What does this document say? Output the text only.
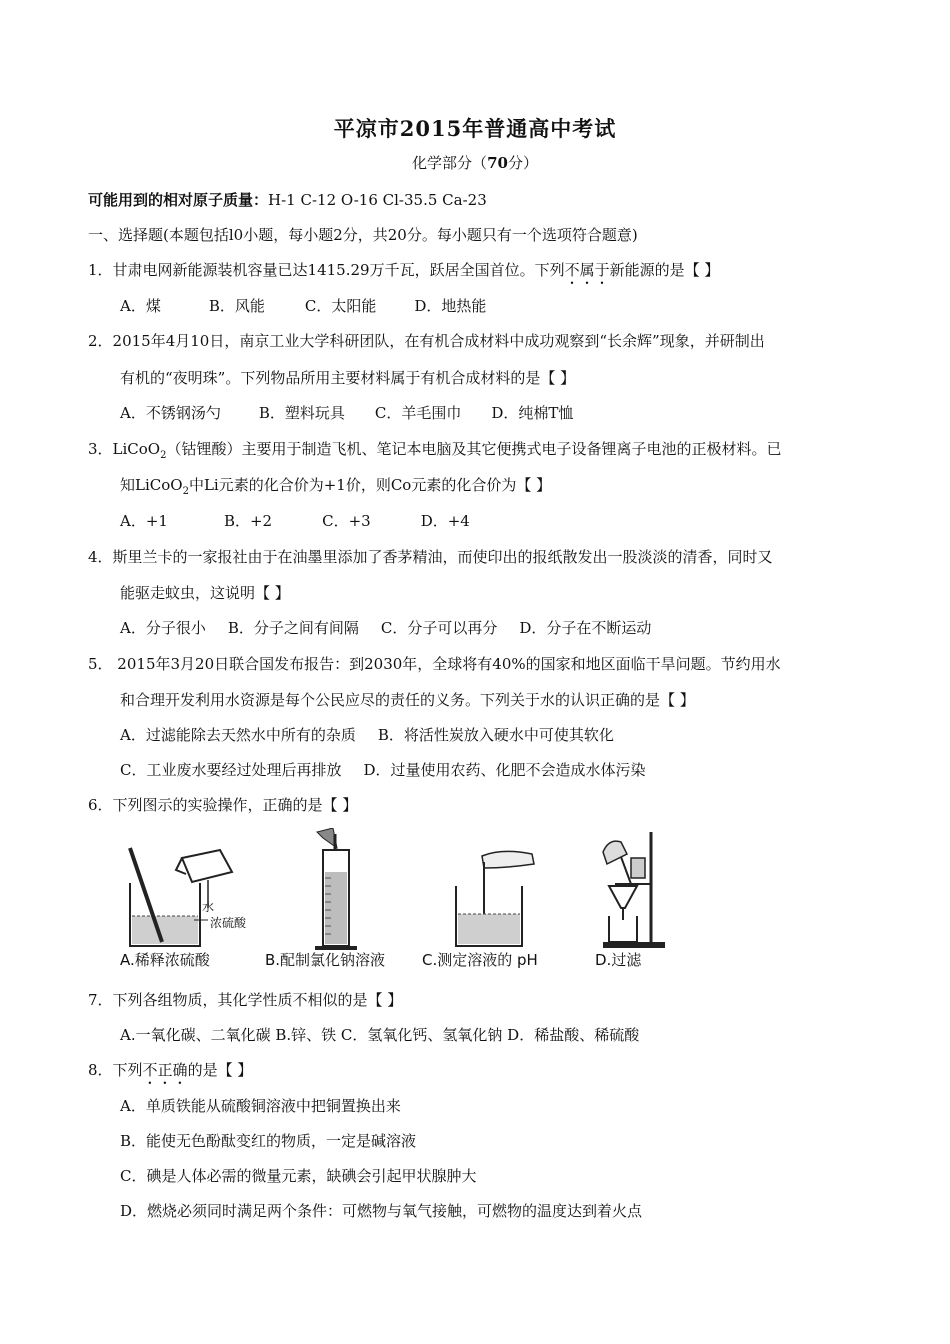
平凉市2015年普通高中考试
化学部分（70分）
可能用到的相对原子质量：H-1 C-12 O-16 Cl-35.5 Ca-23
一、选择题(本题包括l0小题，每小题2分，共20分。每小题只有一个选项符合题意)
1．甘肃电网新能源装机容量已达1415.29万千瓦，跃居全国首位。下列不属于新能源的是【 】
A．煤	B．风能	C．太阳能	D．地热能
2．2015年4月10日，南京工业大学科研团队，在有机合成材料中成功观察到“长余辉”现象，并研制出
有机的“夜明珠”。下列物品所用主要材料属于有机合成材料的是【 】
A．不锈钢汤勺	B．塑料玩具 C．羊毛围巾 D．纯棉T恤
3．LiCoO$_2$（钴锂酸）主要用于制造飞机、笔记本电脑及其它便携式电子设备锂离子电池的正极材料。已
知LiCoO$_2$中Li元素的化合价为+1价，则Co元素的化合价为【 】
A．+1	B．+2	C．+3	D．+4
4．斯里兰卡的一家报社由于在油墨里添加了香茅精油，而使印出的报纸散发出一股淡淡的清香，同时又
能驱走蚊虫，这说明【 】
A．分子很小 B．分子之间有间隔 C．分子可以再分 D．分子在不断运动
5． 2015年3月20日联合国发布报告：到2030年，全球将有40%的国家和地区面临干旱问题。节约用水
和合理开发利用水资源是每个公民应尽的责任的义务。下列关于水的认识正确的是【 】
A．过滤能除去天然水中所有的杂质 B．将活性炭放入硬水中可使其软化
C．工业废水要经过处理后再排放 D．过量使用农药、化肥不会造成水体污染
6．下列图示的实验操作，正确的是【 】
水
浓硫酸
A.稀释浓硫酸	B.配制氯化钠溶液 C.测定溶液的 pH	D.过滤
7．下列各组物质，其化学性质不相似的是【 】
A.一氧化碳、二氧化碳 B.锌、铁 C．氢氧化钙、氢氧化钠 D．稀盐酸、稀硫酸
8．下列不正确的是【 】
A．单质铁能从硫酸铜溶液中把铜置换出来
B．能使无色酚酞变红的物质，一定是碱溶液
C．碘是人体必需的微量元素，缺碘会引起甲状腺肿大
D．燃烧必须同时满足两个条件：可燃物与氧气接触，可燃物的温度达到着火点
